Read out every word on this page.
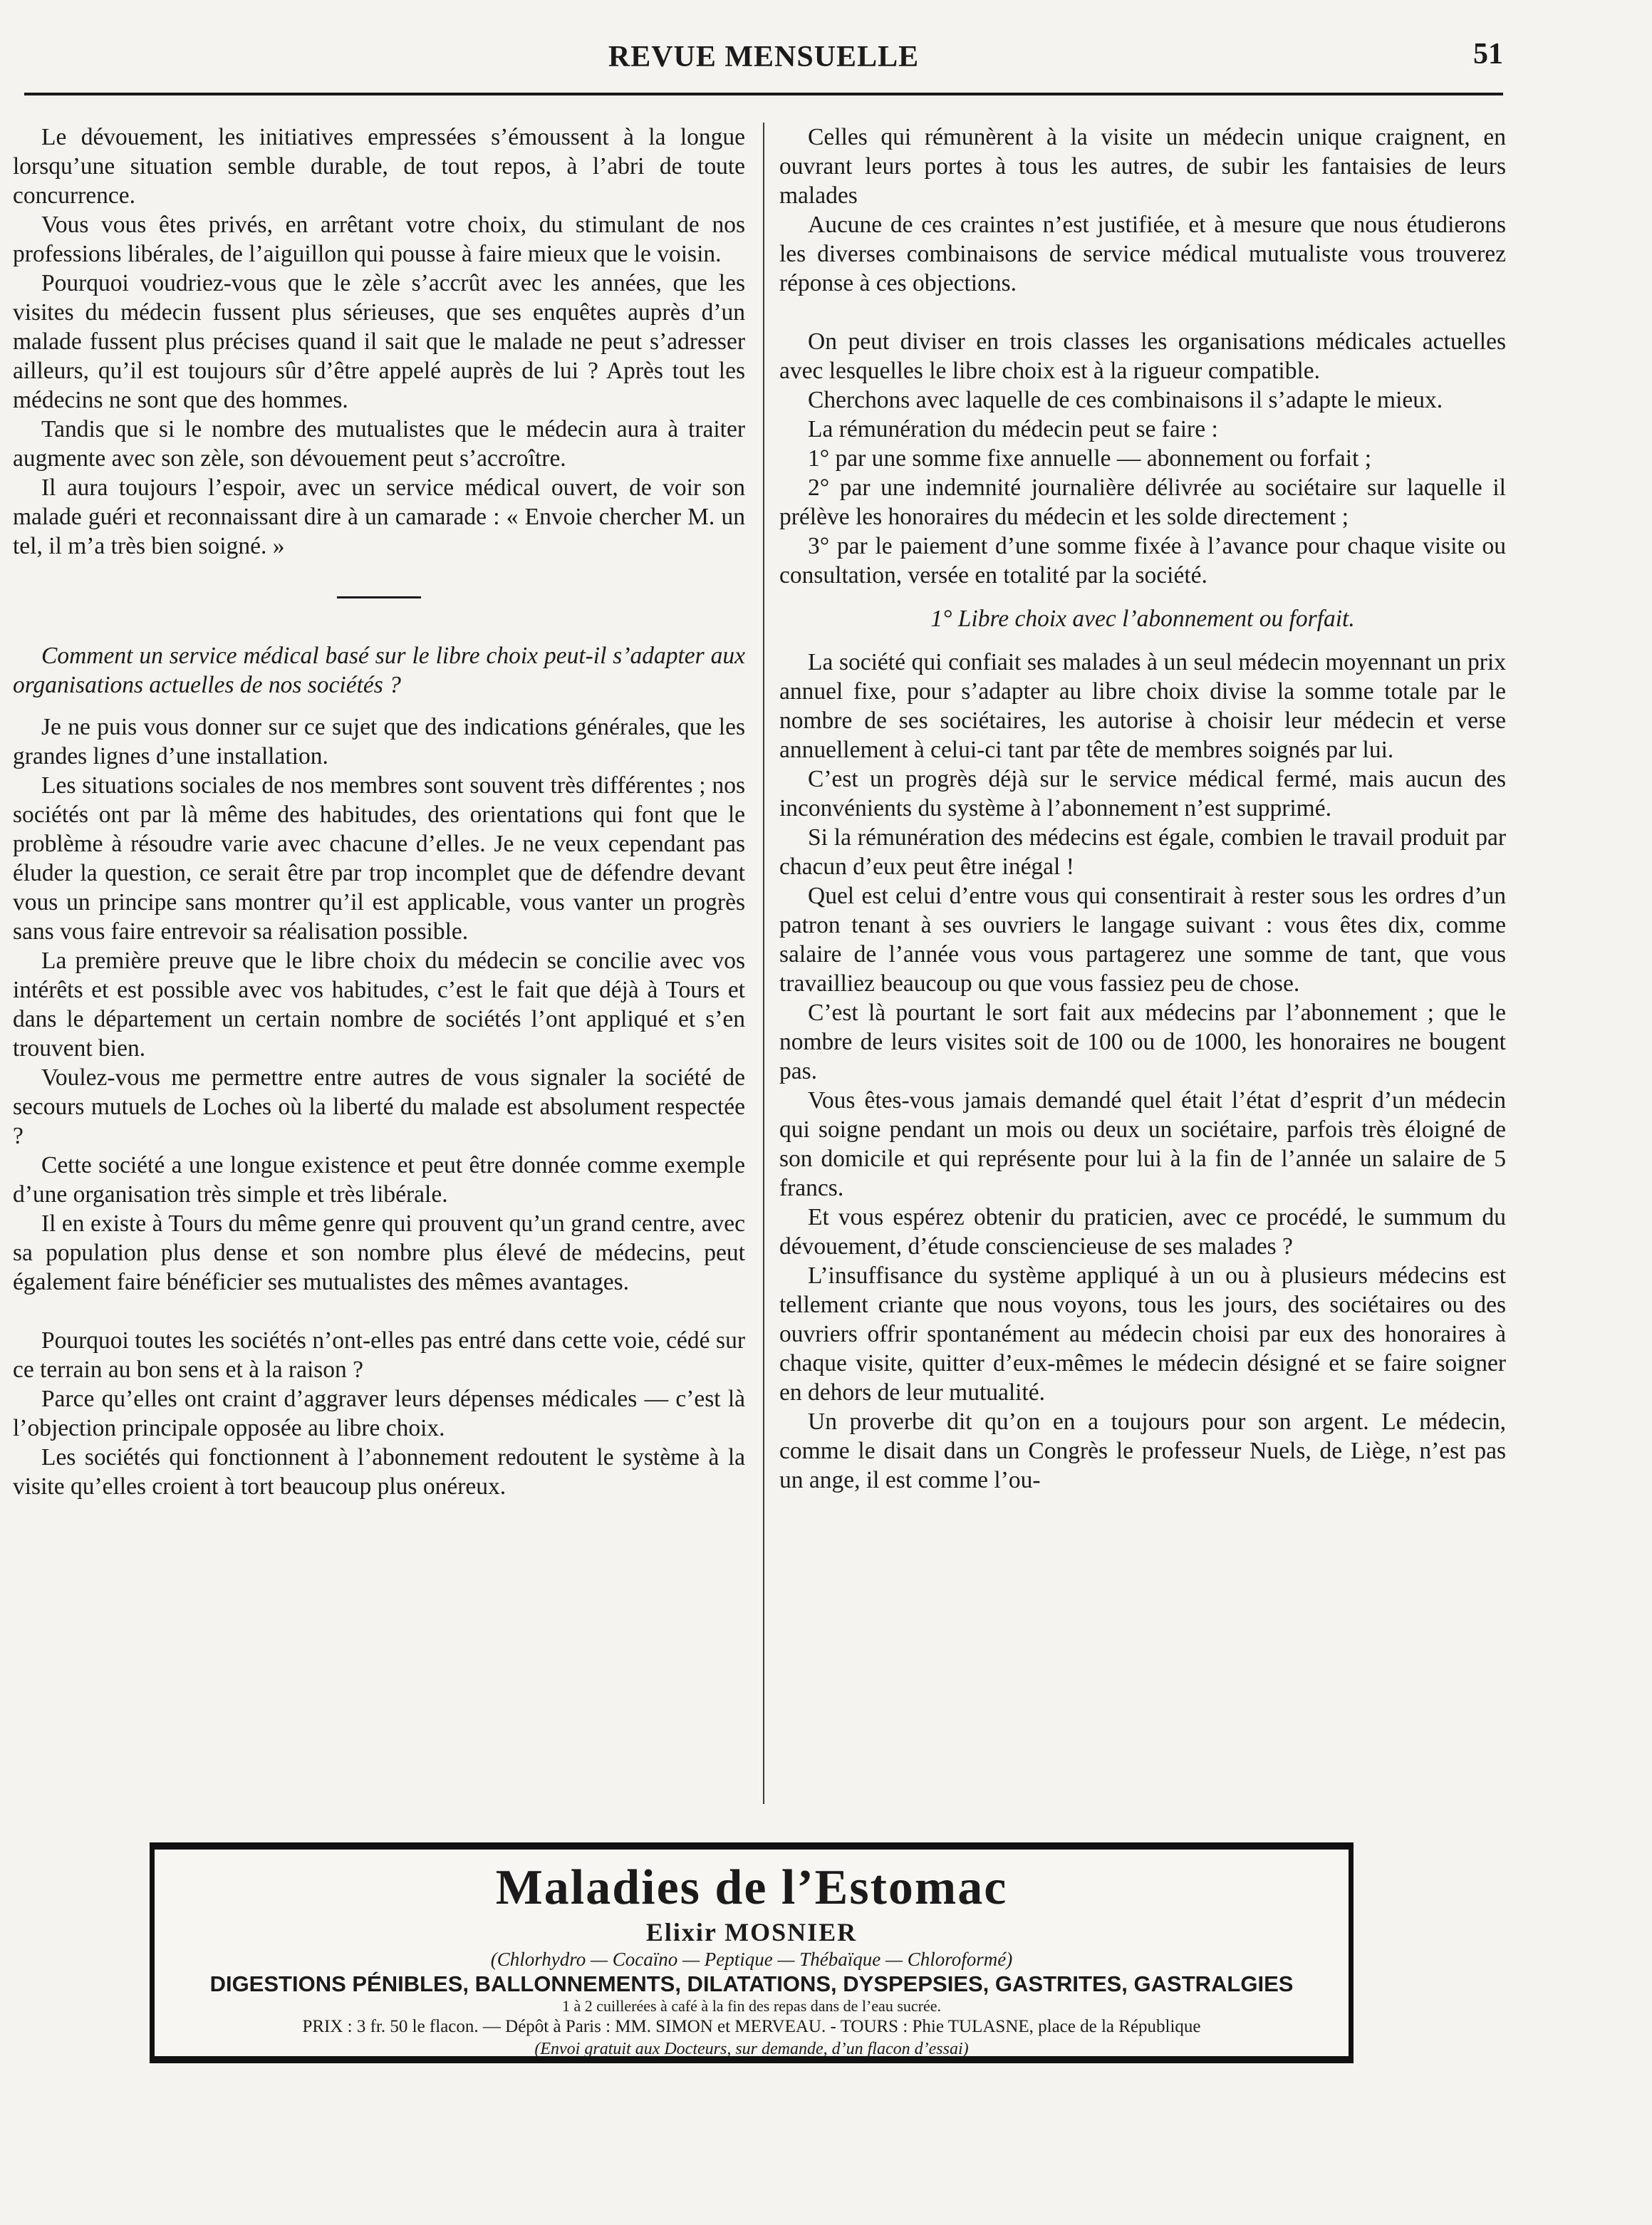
REVUE MENSUELLE	51

Le dévouement, les initiatives empressées s’émoussent à la longue lorsqu’une situation semble durable, de tout repos, à l’abri de toute concurrence.

Vous vous êtes privés, en arrêtant votre choix, du stimulant de nos professions libérales, de l’aiguillon qui pousse à faire mieux que le voisin.

Pourquoi voudriez-vous que le zèle s’accrût avec les années, que les visites du médecin fussent plus sérieuses, que ses enquêtes auprès d’un malade fussent plus précises quand il sait que le malade ne peut s’adresser ailleurs, qu’il est toujours sûr d’être appelé auprès de lui ? Après tout les médecins ne sont que des hommes.

Tandis que si le nombre des mutualistes que le médecin aura à traiter augmente avec son zèle, son dévouement peut s’accroître.

Il aura toujours l’espoir, avec un service médical ouvert, de voir son malade guéri et reconnaissant dire à un camarade : « Envoie chercher M. un tel, il m’a très bien soigné. »

Comment un service médical basé sur le libre choix peut-il s’adapter aux organisations actuelles de nos sociétés ?

Je ne puis vous donner sur ce sujet que des indications générales, que les grandes lignes d’une installation.

Les situations sociales de nos membres sont souvent très différentes ; nos sociétés ont par là même des habitudes, des orientations qui font que le problème à résoudre varie avec chacune d’elles. Je ne veux cependant pas éluder la question, ce serait être par trop incomplet que de défendre devant vous un principe sans montrer qu’il est applicable, vous vanter un progrès sans vous faire entrevoir sa réalisation possible.

La première preuve que le libre choix du médecin se concilie avec vos intérêts et est possible avec vos habitudes, c’est le fait que déjà à Tours et dans le département un certain nombre de sociétés l’ont appliqué et s’en trouvent bien.

Voulez-vous me permettre entre autres de vous signaler la société de secours mutuels de Loches où la liberté du malade est absolument respectée ?

Cette société a une longue existence et peut être donnée comme exemple d’une organisation très simple et très libérale.

Il en existe à Tours du même genre qui prouvent qu’un grand centre, avec sa population plus dense et son nombre plus élevé de médecins, peut également faire bénéficier ses mutualistes des mêmes avantages.

Pourquoi toutes les sociétés n’ont-elles pas entré dans cette voie, cédé sur ce terrain au bon sens et à la raison ?

Parce qu’elles ont craint d’aggraver leurs dépenses médicales — c’est là l’objection principale opposée au libre choix.

Les sociétés qui fonctionnent à l’abonnement redoutent le système à la visite qu’elles croient à tort beaucoup plus onéreux.

Celles qui rémunèrent à la visite un médecin unique craignent, en ouvrant leurs portes à tous les autres, de subir les fantaisies de leurs malades

Aucune de ces craintes n’est justifiée, et à mesure que nous étudierons les diverses combinaisons de service médical mutualiste vous trouverez réponse à ces objections.

On peut diviser en trois classes les organisations médicales actuelles avec lesquelles le libre choix est à la rigueur compatible.

Cherchons avec laquelle de ces combinaisons il s’adapte le mieux.

La rémunération du médecin peut se faire :

1° par une somme fixe annuelle — abonnement ou forfait ;

2° par une indemnité journalière délivrée au sociétaire sur laquelle il prélève les honoraires du médecin et les solde directement ;

3° par le paiement d’une somme fixée à l’avance pour chaque visite ou consultation, versée en totalité par la société.

1° Libre choix avec l’abonnement ou forfait.

La société qui confiait ses malades à un seul médecin moyennant un prix annuel fixe, pour s’adapter au libre choix divise la somme totale par le nombre de ses sociétaires, les autorise à choisir leur médecin et verse annuellement à celui-ci tant par tête de membres soignés par lui.

C’est un progrès déjà sur le service médical fermé, mais aucun des inconvénients du système à l’abonnement n’est supprimé.

Si la rémunération des médecins est égale, combien le travail produit par chacun d’eux peut être inégal !

Quel est celui d’entre vous qui consentirait à rester sous les ordres d’un patron tenant à ses ouvriers le langage suivant : vous êtes dix, comme salaire de l’année vous vous partagerez une somme de tant, que vous travailliez beaucoup ou que vous fassiez peu de chose.

C’est là pourtant le sort fait aux médecins par l’abonnement ; que le nombre de leurs visites soit de 100 ou de 1000, les honoraires ne bougent pas.

Vous êtes-vous jamais demandé quel était l’état d’esprit d’un médecin qui soigne pendant un mois ou deux un sociétaire, parfois très éloigné de son domicile et qui représente pour lui à la fin de l’année un salaire de 5 francs.

Et vous espérez obtenir du praticien, avec ce procédé, le summum du dévouement, d’étude consciencieuse de ses malades ?

L’insuffisance du système appliqué à un ou à plusieurs médecins est tellement criante que nous voyons, tous les jours, des sociétaires ou des ouvriers offrir spontanément au médecin choisi par eux des honoraires à chaque visite, quitter d’eux-mêmes le médecin désigné et se faire soigner en dehors de leur mutualité.

Un proverbe dit qu’on en a toujours pour son argent. Le médecin, comme le disait dans un Congrès le professeur Nuels, de Liège, n’est pas un ange, il est comme l’ou-

Maladies de l’Estomac
Elixir MOSNIER
(Chlorhydro — Cocaïno — Peptique — Thébaïque — Chloroformé)
DIGESTIONS PÉNIBLES, BALLONNEMENTS, DILATATIONS, DYSPEPSIES, GASTRITES, GASTRALGIES
1 à 2 cuillerées à café à la fin des repas dans de l’eau sucrée.
PRIX : 3 fr. 50 le flacon. — Dépôt à Paris : MM. SIMON et MERVEAU. - TOURS : Phie TULASNE, place de la République
(Envoi gratuit aux Docteurs, sur demande, d’un flacon d’essai)
